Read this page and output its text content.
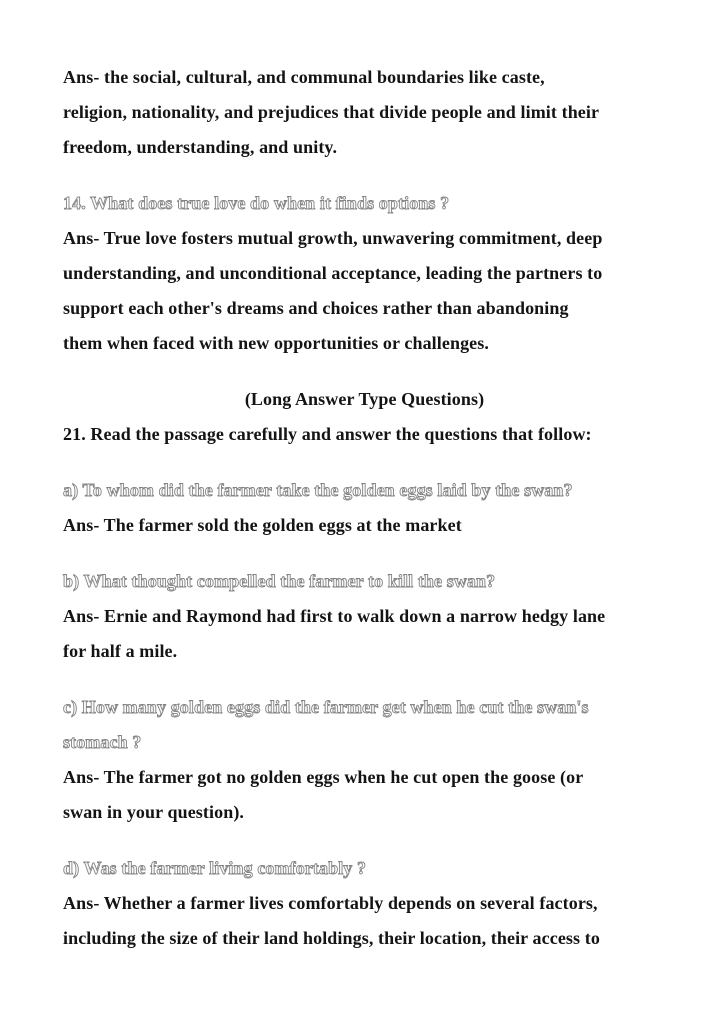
Ans- the social, cultural, and communal boundaries like caste,
religion, nationality, and prejudices that divide people and limit their
freedom, understanding, and unity.
14. What does true love do when it finds options ?
Ans- True love fosters mutual growth, unwavering commitment, deep
understanding, and unconditional acceptance, leading the partners to
support each other's dreams and choices rather than abandoning
them when faced with new opportunities or challenges.
(Long Answer Type Questions)
21. Read the passage carefully and answer the questions that follow:
a) To whom did the farmer take the golden eggs laid by the swan?
Ans- The farmer sold the golden eggs at the market
b) What thought compelled the farmer to kill the swan?
Ans- Ernie and Raymond had first to walk down a narrow hedgy lane
for half a mile.
c) How many golden eggs did the farmer get when he cut the swan's
stomach ?
Ans- The farmer got no golden eggs when he cut open the goose (or
swan in your question).
d) Was the farmer living comfortably ?
Ans- Whether a farmer lives comfortably depends on several factors,
including the size of their land holdings, their location, their access to
